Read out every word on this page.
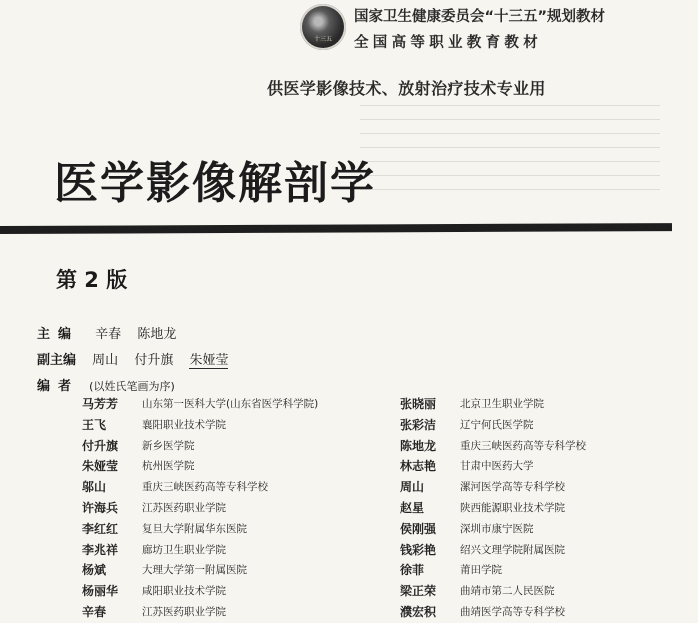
十三五
国家卫生健康委员会“十三五”规划教材
全国高等职业教育教材
供医学影像技术、放射治疗技术专业用
医学影像解剖学
第 2 版
主编 辛春 陈地龙
副主编 周山 付升旗 朱娅莹
编者 (以姓氏笔画为序)
马芳芳	山东第一医科大学(山东省医学科学院)
王飞	襄阳职业技术学院
付升旗	新乡医学院
朱娅莹	杭州医学院
邬山	重庆三峡医药高等专科学校
许海兵	江苏医药职业学院
李红红	复旦大学附属华东医院
李兆祥	廊坊卫生职业学院
杨斌	大理大学第一附属医院
杨丽华	咸阳职业技术学院
辛春	江苏医药职业学院
张晓丽	北京卫生职业学院
张彩洁	辽宁何氏医学院
陈地龙	重庆三峡医药高等专科学校
林志艳	甘肃中医药大学
周山	漯河医学高等专科学校
赵星	陕西能源职业技术学院
侯刚强	深圳市康宁医院
钱彩艳	绍兴文理学院附属医院
徐菲	莆田学院
梁正荣	曲靖市第二人民医院
濮宏积	曲靖医学高等专科学校
